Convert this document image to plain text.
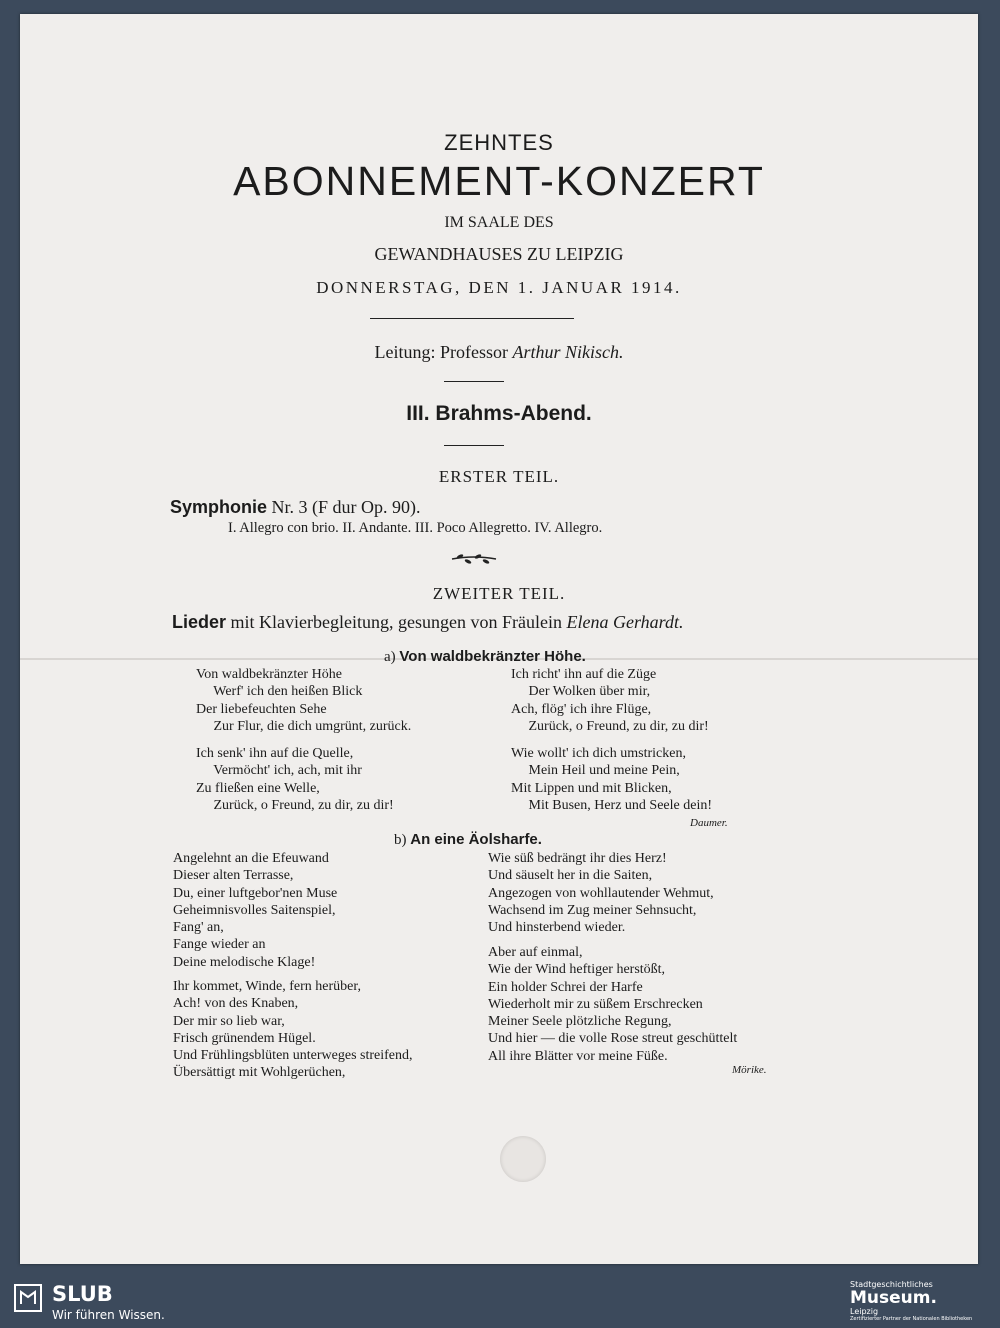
ZEHNTES
ABONNEMENT-KONZERT
IM SAALE DES
GEWANDHAUSES ZU LEIPZIG
DONNERSTAG, DEN 1. JANUAR 1914.
Leitung: Professor Arthur Nikisch.
III. Brahms-Abend.
ERSTER TEIL.
Symphonie Nr. 3 (F dur Op. 90).
I. Allegro con brio. II. Andante. III. Poco Allegretto. IV. Allegro.
ZWEITER TEIL.
Lieder mit Klavierbegleitung, gesungen von Fräulein Elena Gerhardt.
a) Von waldbekränzter Höhe.
Von waldbekränzter Höhe
Werf' ich den heißen Blick
Der liebefeuchten Sehe
Zur Flur, die dich umgrünt, zurück.
Ich senk' ihn auf die Quelle,
Vermöcht' ich, ach, mit ihr
Zu fließen eine Welle,
Zurück, o Freund, zu dir, zu dir!
Ich richt' ihn auf die Züge
Der Wolken über mir,
Ach, flög' ich ihre Flüge,
Zurück, o Freund, zu dir, zu dir!
Wie wollt' ich dich umstricken,
Mein Heil und meine Pein,
Mit Lippen und mit Blicken,
Mit Busen, Herz und Seele dein!
Daumer.
b) An eine Äolsharfe.
Angelehnt an die Efeuwand
Dieser alten Terrasse,
Du, einer luftgebor'nen Muse
Geheimnisvolles Saitenspiel,
Fang' an,
Fange wieder an
Deine melodische Klage!
Ihr kommet, Winde, fern herüber,
Ach! von des Knaben,
Der mir so lieb war,
Frisch grünendem Hügel.
Und Frühlingsblüten unterweges streifend,
Übersättigt mit Wohlgerüchen,
Wie süß bedrängt ihr dies Herz!
Und säuselt her in die Saiten,
Angezogen von wohllautender Wehmut,
Wachsend im Zug meiner Sehnsucht,
Und hinsterbend wieder.
Aber auf einmal,
Wie der Wind heftiger herstößt,
Ein holder Schrei der Harfe
Wiederholt mir zu süßem Erschrecken
Meiner Seele plötzliche Regung,
Und hier — die volle Rose streut geschüttelt
All ihre Blätter vor meine Füße.
Mörike.
SLUB
Wir führen Wissen.
Stadtgeschichtliches
Museum.
Leipzig
Zertifizierter Partner der Nationalen Bibliotheken
